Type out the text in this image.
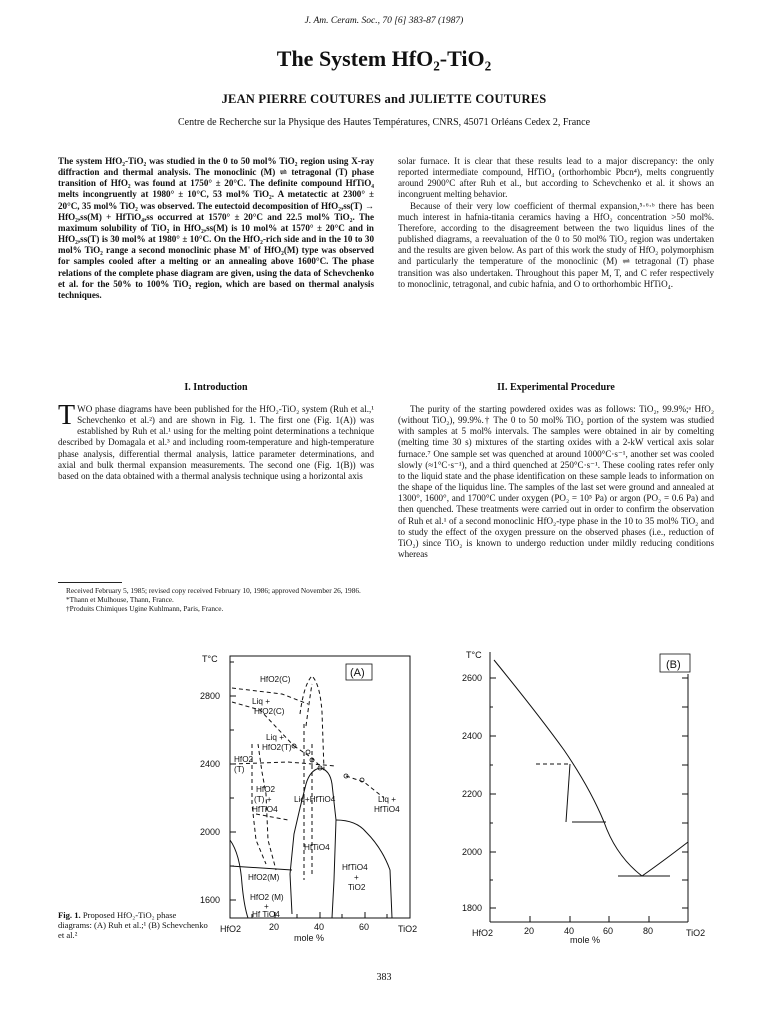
J. Am. Ceram. Soc., 70 [6] 383-87 (1987)
The System HfO₂-TiO₂
JEAN PIERRE COUTURES and JULIETTE COUTURES
Centre de Recherche sur la Physique des Hautes Températures, CNRS, 45071 Orléans Cedex 2, France

The system HfO₂-TiO₂ was studied in the 0 to 50 mol% TiO₂ region using X-ray diffraction and thermal analysis. The monoclinic (M) ⇌ tetragonal (T) phase transition of HfO₂ was found at 1750° ± 20°C. The definite compound HfTiO₄ melts incongruently at 1980° ± 10°C, 53 mol% TiO₂. A metatectic at 2300° ± 20°C, 35 mol% TiO₂ was observed. The eutectoid decomposition of HfO₂,ss(T) → HfO₂,ss(M) + HfTiO₄,ss occurred at 1570° ± 20°C and 22.5 mol% TiO₂. The maximum solubility of TiO₂ in HfO₂,ss(M) is 10 mol% at 1570° ± 20°C and in HfO₂,ss(T) is 30 mol% at 1980° ± 10°C. On the HfO₂-rich side and in the 10 to 30 mol% TiO₂ range a second monoclinic phase M' of HfO₂(M) type was observed for samples cooled after a melting or an annealing above 1600°C. The phase relations of the complete phase diagram are given, using the data of Schevchenko et al. for the 50% to 100% TiO₂ region, which are based on thermal analysis techniques.

I. Introduction

TWO phase diagrams have been published for the HfO₂-TiO₂ system (Ruh et al.,¹ Schevchenko et al.²) and are shown in Fig. 1. The first one (Fig. 1(A)) was established by Ruh et al.¹ using for the melting point determinations a technique described by Domagala et al.³ and including room-temperature and high-temperature phase analysis, differential thermal analysis, lattice parameter determinations, and axial and bulk thermal expansion measurements. The second one (Fig. 1(B)) was based on the data obtained with a thermal analysis technique using a horizontal axis

Received February 5, 1985; revised copy received February 10, 1986; approved November 26, 1986.

*Thann et Mulhouse, Thann, France.

†Produits Chimiques Ugine Kuhlmann, Paris, France.

solar furnace. It is clear that these results lead to a major discrepancy: the only reported intermediate compound, HfTiO₄ (orthorhombic Pbcn⁴), melts congruently around 2900°C after Ruh et al., but according to Schevchenko et al. it shows an incongruent melting behavior.

Because of their very low coefficient of thermal expansion,⁵·⁶·ᵇ there has been much interest in hafnia-titania ceramics having a HfO₂ concentration >50 mol%. Therefore, according to the disagreement between the two liquidus lines of the published diagrams, a reevaluation of the 0 to 50 mol% TiO₂ region was undertaken and the results are given below. As part of this work the study of HfO₂ polymorphism and particularly the temperature of the monoclinic (M) ⇌ tetragonal (T) phase transition was also undertaken. Throughout this paper M, T, and C refer respectively to monoclinic, tetragonal, and cubic hafnia, and O to orthorhombic HfTiO₄.

II. Experimental Procedure

The purity of the starting powdered oxides was as follows: TiO₂, 99.9%;ᵃ HfO₂ (without TiO₂), 99.9%.† The 0 to 50 mol% TiO₂ portion of the system was studied with samples at 5 mol% intervals. The samples were obtained in air by comelting (melting time 30 s) mixtures of the starting oxides with a 2-kW vertical axis solar furnace.⁷ One sample set was quenched at around 1000°C·s⁻¹, another set was cooled slowly (≈1°C·s⁻¹), and a third quenched at 250°C·s⁻¹. These cooling rates refer only to the liquid state and the phase identification on these sample leads to information on the shape of the liquidus line. The samples of the last set were ground and annealed at 1300°, 1600°, and 1700°C under oxygen (PO₂ = 10⁵ Pa) or argon (PO₂ = 0.6 Pa) and then quenched. These treatments were carried out in order to confirm the observation of Ruh et al.¹ of a second monoclinic HfO₂-type phase in the 10 to 35 mol% TiO₂ and to study the effect of the oxygen pressure on the observed phases (i.e., reduction of TiO₂) since TiO₂ is known to undergo reduction under mildly reducing conditions whereas

T°C
2800
2400
2000
1600
HfO2	20	40	60	TiO2
mole %
(A)
HfO2(C)
Liq +
HfO2(C)
Liq +
HfO2(T)
HfO2
(T)
HfO2
(T) +
HfTiO4
Liq+HfTiO4	Liq +
HfTiO4
HfTiO4
HfO2(M)
HfO2 (M)
+
Hf TiO4
HfTiO4
+
TiO2
(B)
T°C
2600
2400
2200
2000
1800
HfO2	20	40	60	80	TiO2
mole %
Fig. 1. Proposed HfO₂-TiO₂ phase diagrams: (A) Ruh et al.;¹ (B) Schevchenko et al.²
383
